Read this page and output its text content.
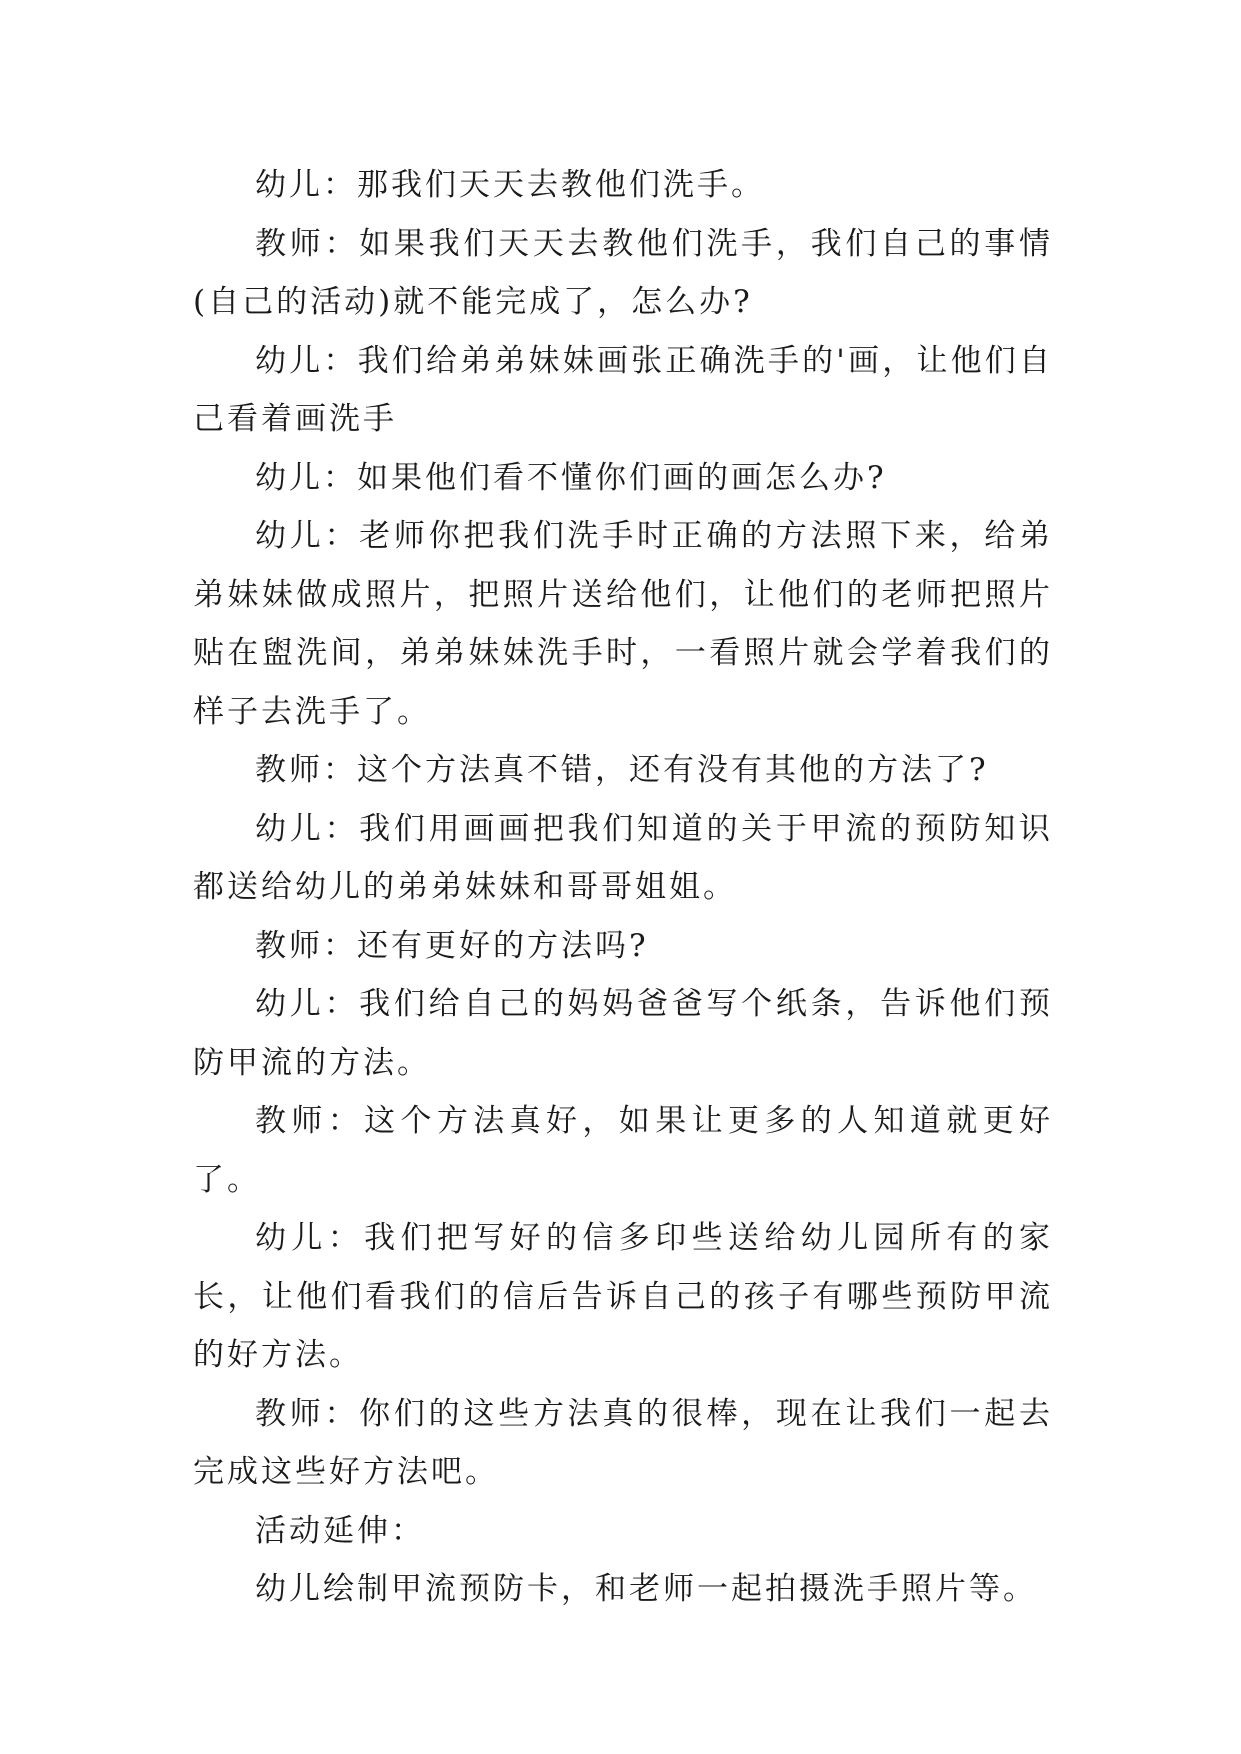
幼儿：那我们天天去教他们洗手。

教师：如果我们天天去教他们洗手，我们自己的事情(自己的活动)就不能完成了，怎么办?

幼儿：我们给弟弟妹妹画张正确洗手的'画，让他们自己看着画洗手

幼儿：如果他们看不懂你们画的画怎么办?

幼儿：老师你把我们洗手时正确的方法照下来，给弟弟妹妹做成照片，把照片送给他们，让他们的老师把照片贴在盥洗间，弟弟妹妹洗手时，一看照片就会学着我们的样子去洗手了。

教师：这个方法真不错，还有没有其他的方法了?

幼儿：我们用画画把我们知道的关于甲流的预防知识都送给幼儿的弟弟妹妹和哥哥姐姐。

教师：还有更好的方法吗?

幼儿：我们给自己的妈妈爸爸写个纸条，告诉他们预防甲流的方法。

教师：这个方法真好，如果让更多的人知道就更好了。

幼儿：我们把写好的信多印些送给幼儿园所有的家长，让他们看我们的信后告诉自己的孩子有哪些预防甲流的好方法。

教师：你们的这些方法真的很棒，现在让我们一起去完成这些好方法吧。

活动延伸：

幼儿绘制甲流预防卡，和老师一起拍摄洗手照片等。
